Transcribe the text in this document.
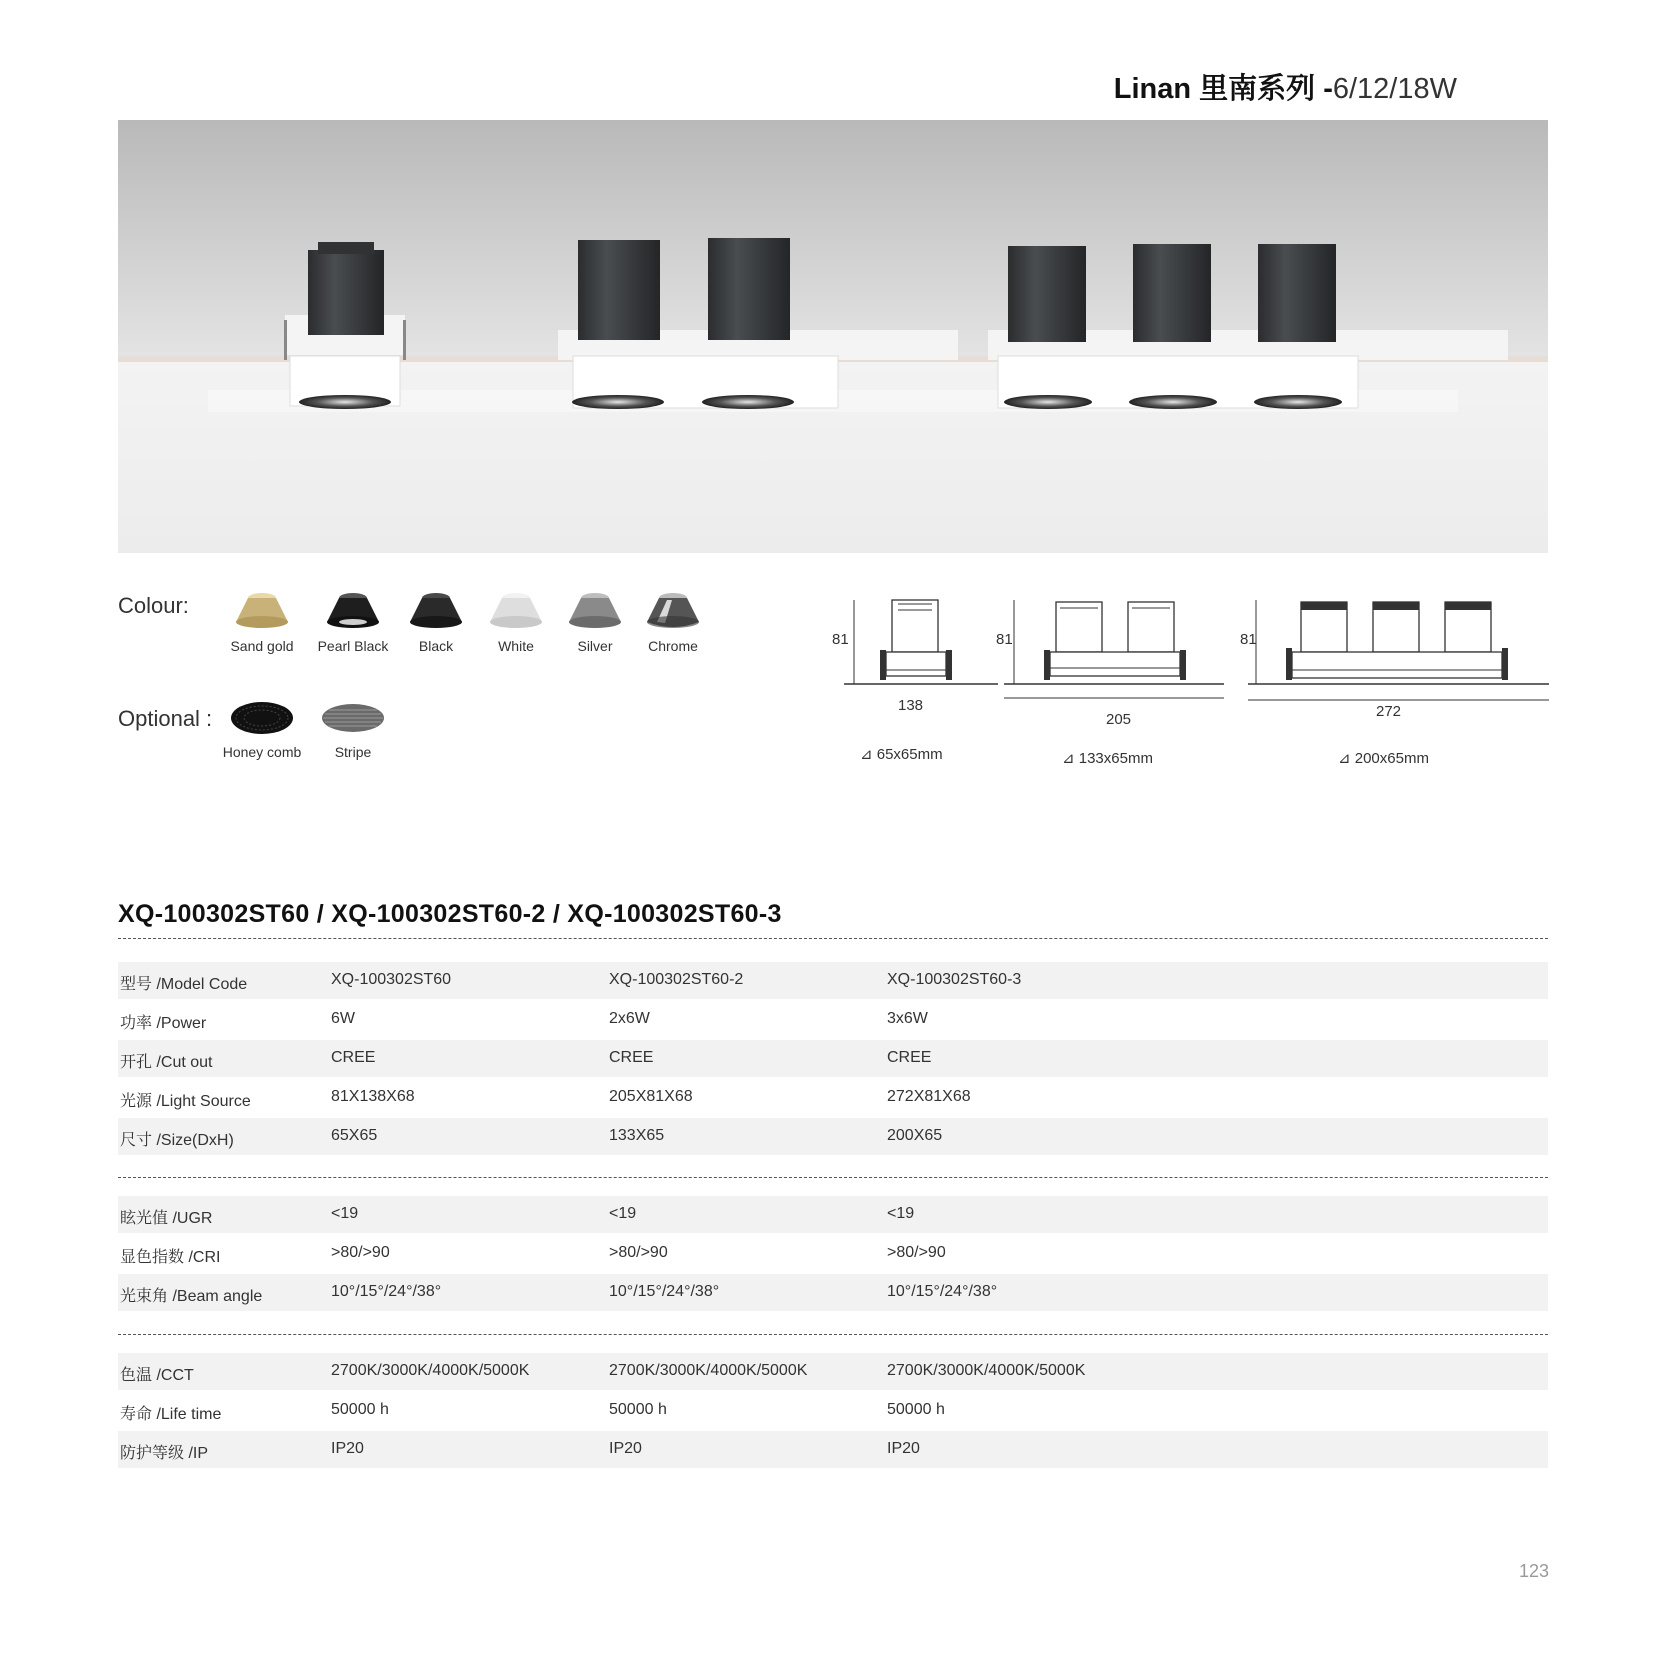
Linan 里南系列 -6/12/18W
Colour:
Sand gold	Pearl Black	Black	White	Silver	Chrome
Optional :
Honey comb	Stripe
81
138
⊿ 65x65mm
81
205
⊿ 133x65mm
81
272
⊿ 200x65mm
XQ-100302ST60 / XQ-100302ST60-2 / XQ-100302ST60-3
型号 /Model Code	XQ-100302ST60	XQ-100302ST60-2	XQ-100302ST60-3
功率 /Power	6W	2x6W	3x6W
开孔 /Cut out	CREE	CREE	CREE
光源 /Light Source	81X138X68	205X81X68	272X81X68
尺寸 /Size(DxH)	65X65	133X65	200X65
眩光值 /UGR	<19	<19	<19
显色指数 /CRI	>80/>90	>80/>90	>80/>90
光束角 /Beam angle	10°/15°/24°/38°	10°/15°/24°/38°	10°/15°/24°/38°
色温 /CCT	2700K/3000K/4000K/5000K	2700K/3000K/4000K/5000K	2700K/3000K/4000K/5000K
寿命 /Life time	50000 h	50000 h	50000 h
防护等级 /IP	IP20	IP20	IP20
123
